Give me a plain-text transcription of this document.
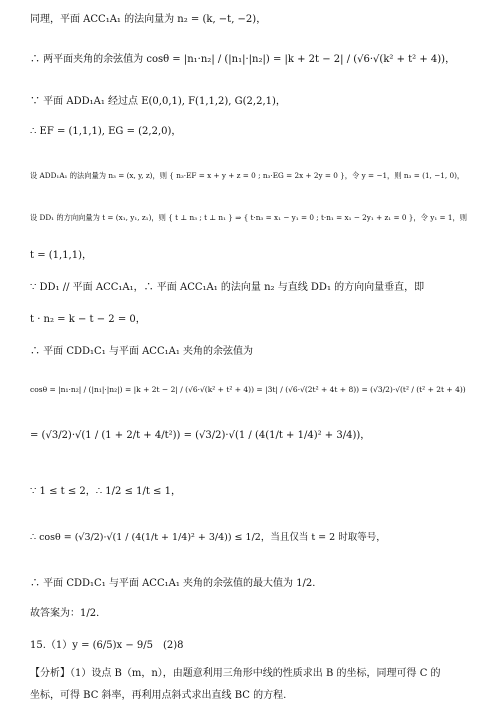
同理，平面 ACC₁A₁ 的法向量为 n₂ = (k, −t, −2)，
∴ 两平面夹角的余弦值为 cosθ = |n₁·n₂| / (|n₁|·|n₂|) = |k + 2t − 2| / (√6·√(k² + t² + 4))，
∵ 平面 ADD₁A₁ 经过点 E(0,0,1), F(1,1,2), G(2,2,1)，
∴ EF = (1,1,1), EG = (2,2,0)，
设 ADD₁A₁ 的法向量为 n₃ = (x, y, z)，则 { n₃·EF = x + y + z = 0 ; n₃·EG = 2x + 2y = 0 }，令 y = −1，则 n₃ = (1, −1, 0)，
设 DD₁ 的方向向量为 t = (x₁, y₁, z₁)，则 { t ⊥ n₃ ; t ⊥ n₁ } ⇒ { t·n₃ = x₁ − y₁ = 0 ; t·n₁ = x₁ − 2y₁ + z₁ = 0 }，令 y₁ = 1，则
t = (1,1,1)，
∵ DD₁ // 平面 ACC₁A₁，∴ 平面 ACC₁A₁ 的法向量 n₂ 与直线 DD₁ 的方向向量垂直，即
t · n₂ = k − t − 2 = 0，
∴ 平面 CDD₁C₁ 与平面 ACC₁A₁ 夹角的余弦值为
cosθ = |n₁·n₂| / (|n₁|·|n₂|) = |k + 2t − 2| / (√6·√(k² + t² + 4)) = |3t| / (√6·√(2t² + 4t + 8)) = (√3/2)·√(t² / (t² + 2t + 4))
= (√3/2)·√(1 / (1 + 2/t + 4/t²)) = (√3/2)·√(1 / (4(1/t + 1/4)² + 3/4))，
∵ 1 ≤ t ≤ 2，∴ 1/2 ≤ 1/t ≤ 1，
∴ cosθ = (√3/2)·√(1 / (4(1/t + 1/4)² + 3/4)) ≤ 1/2，当且仅当 t = 2 时取等号，
∴ 平面 CDD₁C₁ 与平面 ACC₁A₁ 夹角的余弦值的最大值为 1/2．
故答案为：1/2．
15.（1）y = (6/5)x − 9/5　(2)8
【分析】（1）设点 B（m，n），由题意利用三角形中线的性质求出 B 的坐标，同理可得 C 的
坐标，可得 BC 斜率，再利用点斜式求出直线 BC 的方程.
